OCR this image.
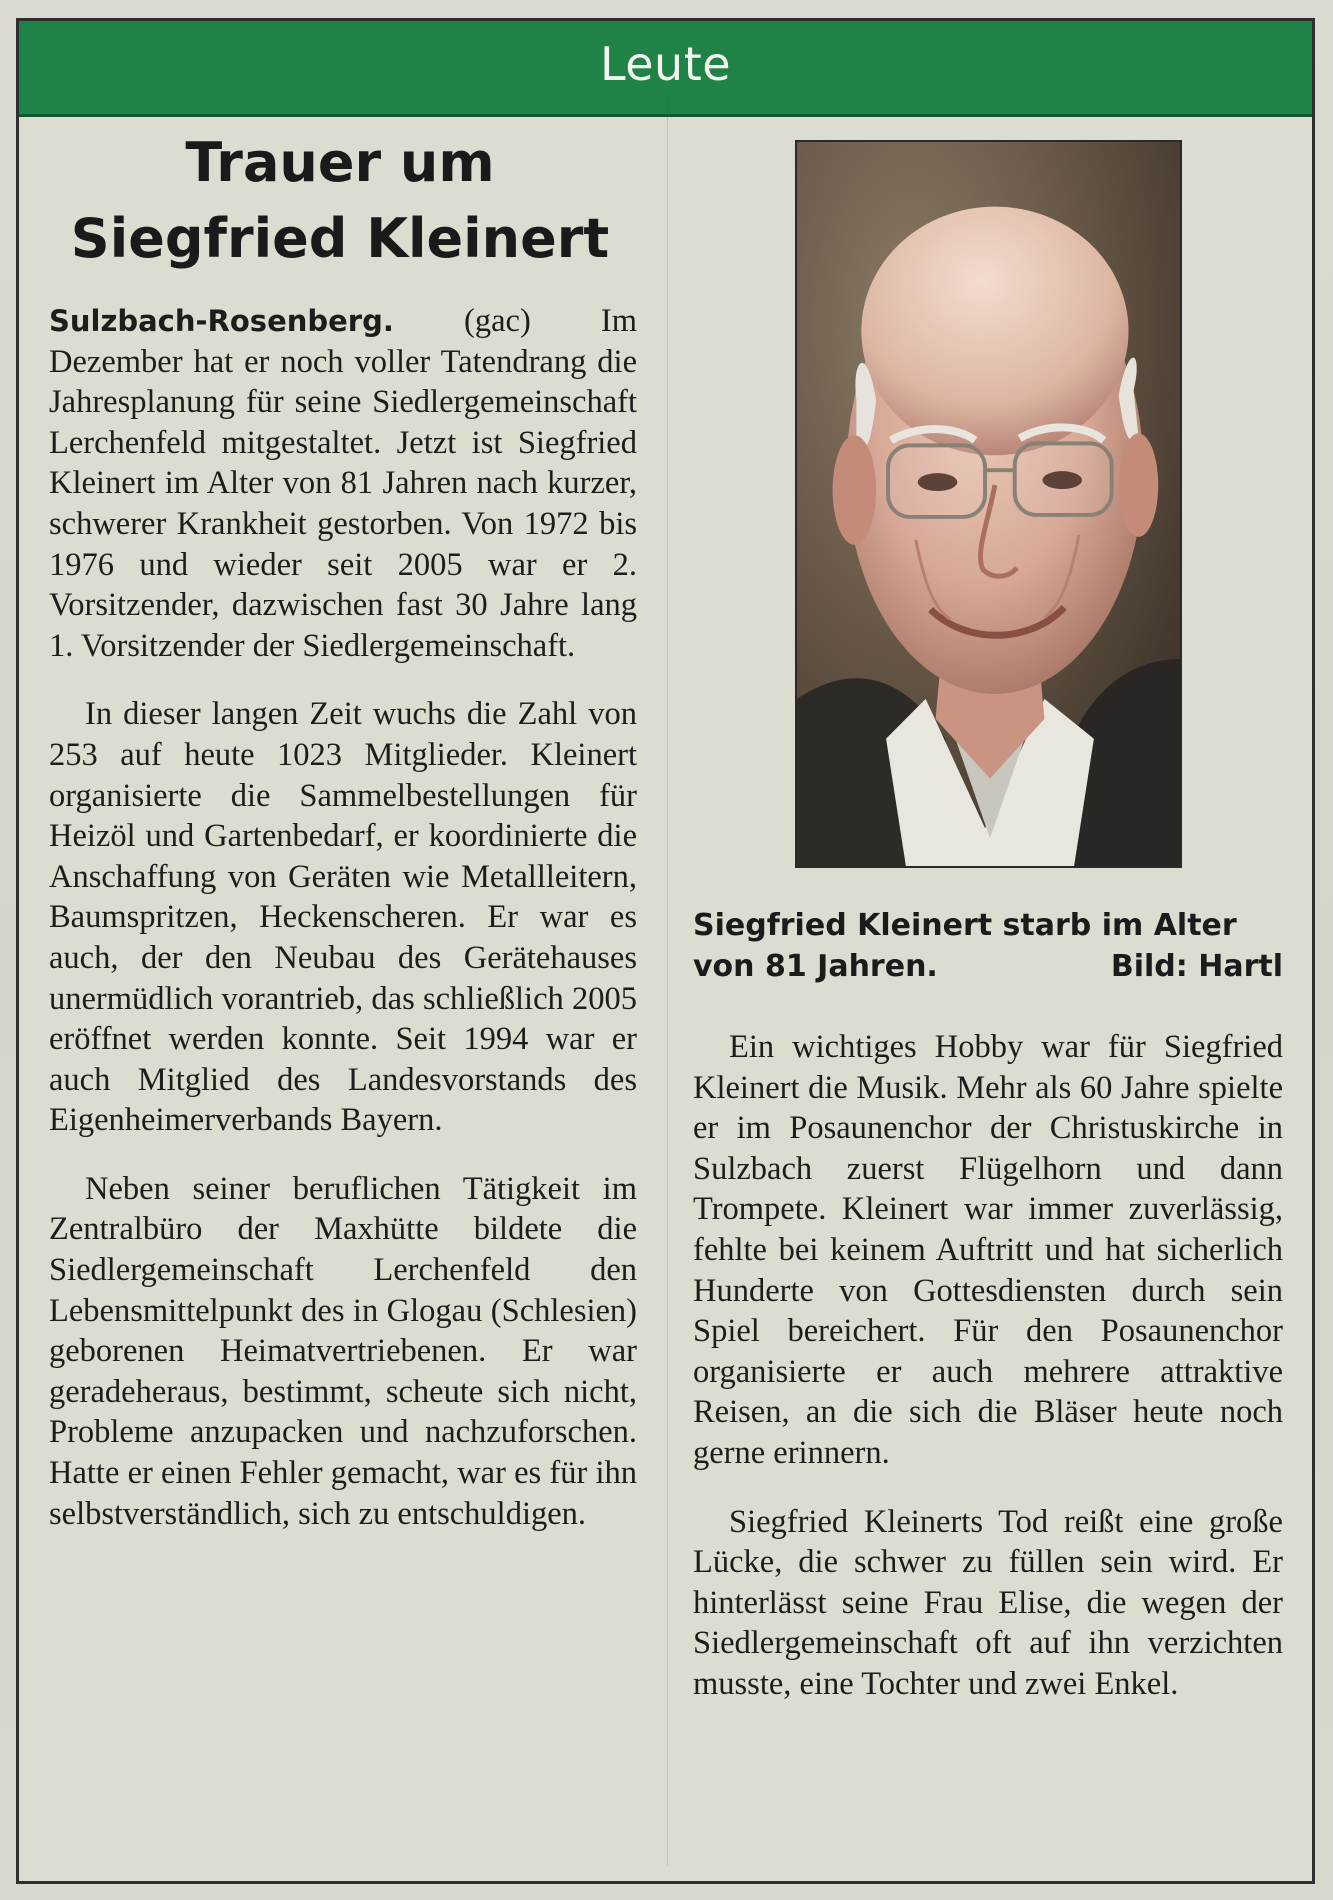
Leute
Trauer um
Siegfried Kleinert

Sulzbach-Rosenberg. (gac) Im Dezember hat er noch voller Tatendrang die Jahresplanung für seine Siedlergemeinschaft Lerchenfeld mitgestaltet. Jetzt ist Siegfried Kleinert im Alter von 81 Jahren nach kurzer, schwerer Krankheit gestorben. Von 1972 bis 1976 und wieder seit 2005 war er 2. Vorsitzender, dazwischen fast 30 Jahre lang 1. Vorsitzender der Siedlergemeinschaft.

In dieser langen Zeit wuchs die Zahl von 253 auf heute 1023 Mitglieder. Kleinert organisierte die Sammelbestellungen für Heizöl und Gartenbedarf, er koordinierte die Anschaffung von Geräten wie Metallleitern, Baumspritzen, Heckenscheren. Er war es auch, der den Neubau des Gerätehauses unermüdlich vorantrieb, das schließlich 2005 eröffnet werden konnte. Seit 1994 war er auch Mitglied des Landesvorstands des Eigenheimerverbands Bayern.

Neben seiner beruflichen Tätigkeit im Zentralbüro der Maxhütte bildete die Siedlergemeinschaft Lerchenfeld den Lebensmittelpunkt des in Glogau (Schlesien) geborenen Heimatvertriebenen. Er war geradeheraus, bestimmt, scheute sich nicht, Probleme anzupacken und nachzuforschen. Hatte er einen Fehler gemacht, war es für ihn selbstverständlich, sich zu entschuldigen.

Siegfried Kleinert starb im Alter
von 81 Jahren.	Bild: Hartl

Ein wichtiges Hobby war für Siegfried Kleinert die Musik. Mehr als 60 Jahre spielte er im Posaunenchor der Christuskirche in Sulzbach zuerst Flügelhorn und dann Trompete. Kleinert war immer zuverlässig, fehlte bei keinem Auftritt und hat sicherlich Hunderte von Gottesdiensten durch sein Spiel bereichert. Für den Posaunenchor organisierte er auch mehrere attraktive Reisen, an die sich die Bläser heute noch gerne erinnern.

Siegfried Kleinerts Tod reißt eine große Lücke, die schwer zu füllen sein wird. Er hinterlässt seine Frau Elise, die wegen der Siedlergemeinschaft oft auf ihn verzichten musste, eine Tochter und zwei Enkel.
